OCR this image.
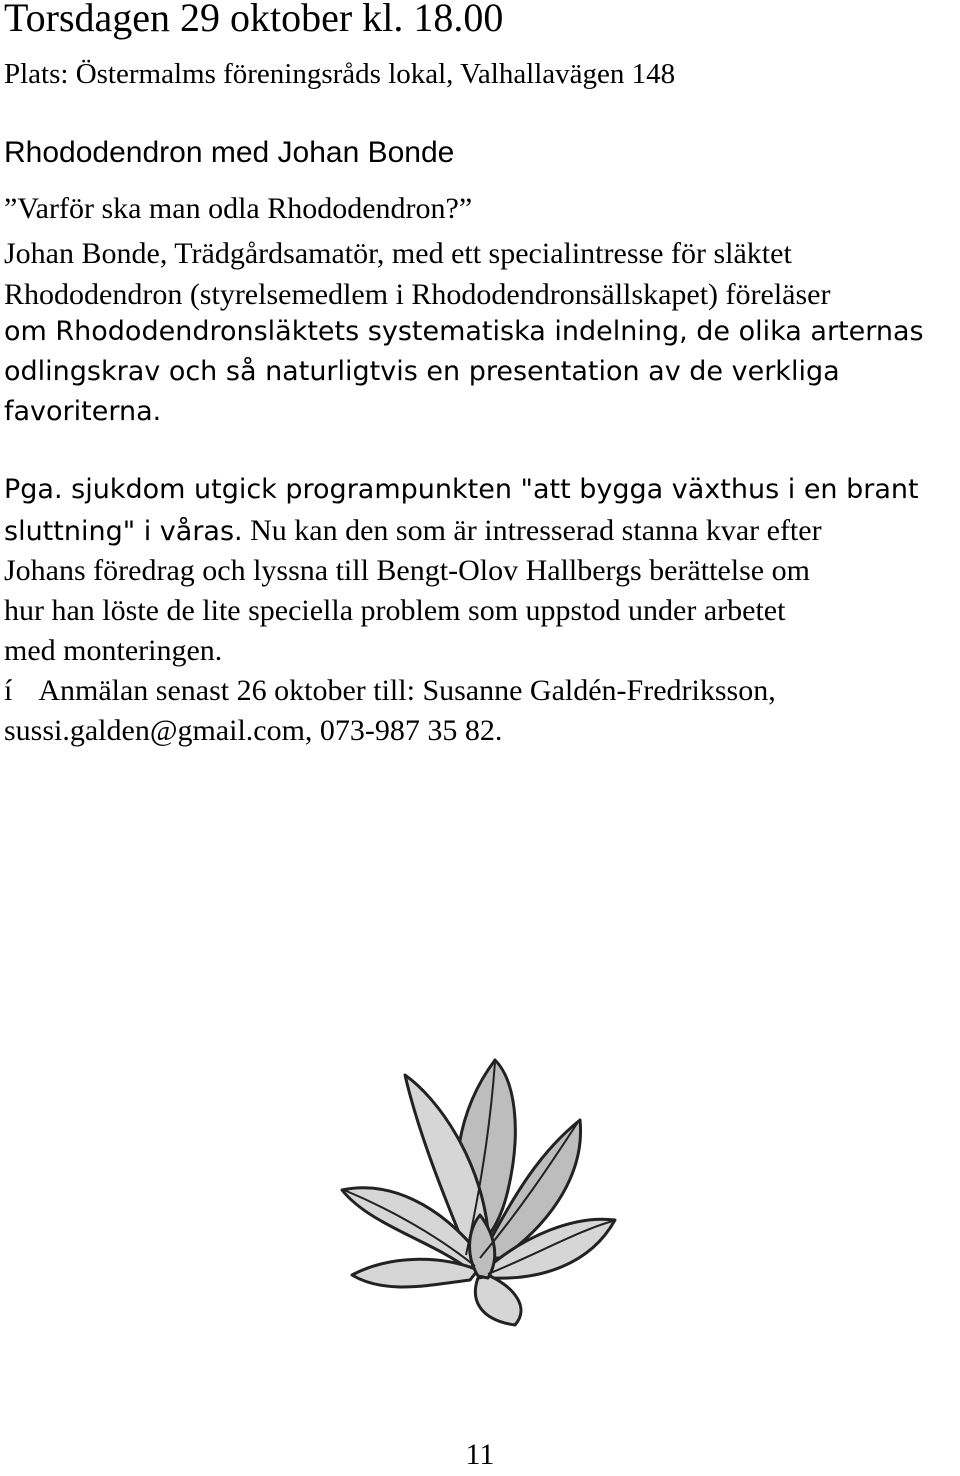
Torsdagen 29 oktober kl. 18.00

Plats: Östermalms föreningsråds lokal, Valhallavägen 148

Rhododendron med Johan Bonde

”Varför ska man odla Rhododendron?”

Johan Bonde, Trädgårdsamatör, med ett specialintresse för släktet

Rhododendron (styrelsemedlem i Rhododendronsällskapet) föreläser

om Rhododendronsläktets systematiska indelning, de olika arternas

odlingskrav och så naturligtvis en presentation av de verkliga

favoriterna.

Pga. sjukdom utgick programpunkten "att bygga växthus i en brant

sluttning" i våras. Nu kan den som är intresserad stanna kvar efter

Johans föredrag och lyssna till Bengt-Olov Hallbergs berättelse om

hur han löste de lite speciella problem som uppstod under arbetet

med monteringen.

í Anmälan senast 26 oktober till: Susanne Galdén-Fredriksson,

sussi.galden@gmail.com, 073-987 35 82.

11
